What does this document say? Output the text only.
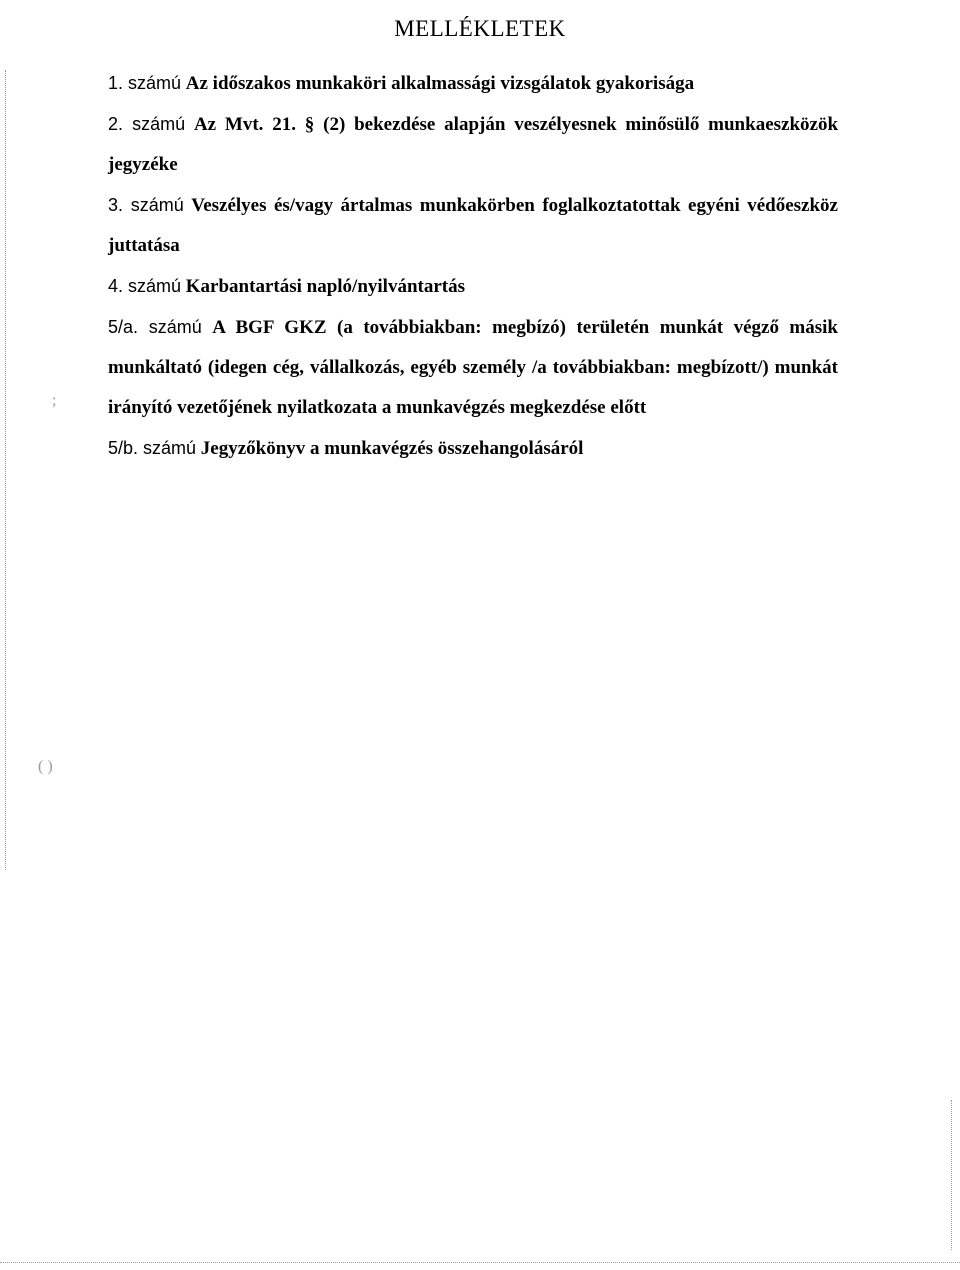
;
( )
MELLÉKLETEK

1. számú Az időszakos munkaköri alkalmassági vizsgálatok gyakorisága

2. számú Az Mvt. 21. § (2) bekezdése alapján veszélyesnek minősülő munkaeszközök jegyzéke

3. számú Veszélyes és/vagy ártalmas munkakörben foglalkoztatottak egyéni védőeszköz juttatása

4. számú Karbantartási napló/nyilvántartás

5/a. számú A BGF GKZ (a továbbiakban: megbízó) területén munkát végző másik munkáltató (idegen cég, vállalkozás, egyéb személy /a továbbiakban: megbízott/) munkát irányító vezetőjének nyilatkozata a munkavégzés megkezdése előtt

5/b. számú Jegyzőkönyv a munkavégzés összehangolásáról
